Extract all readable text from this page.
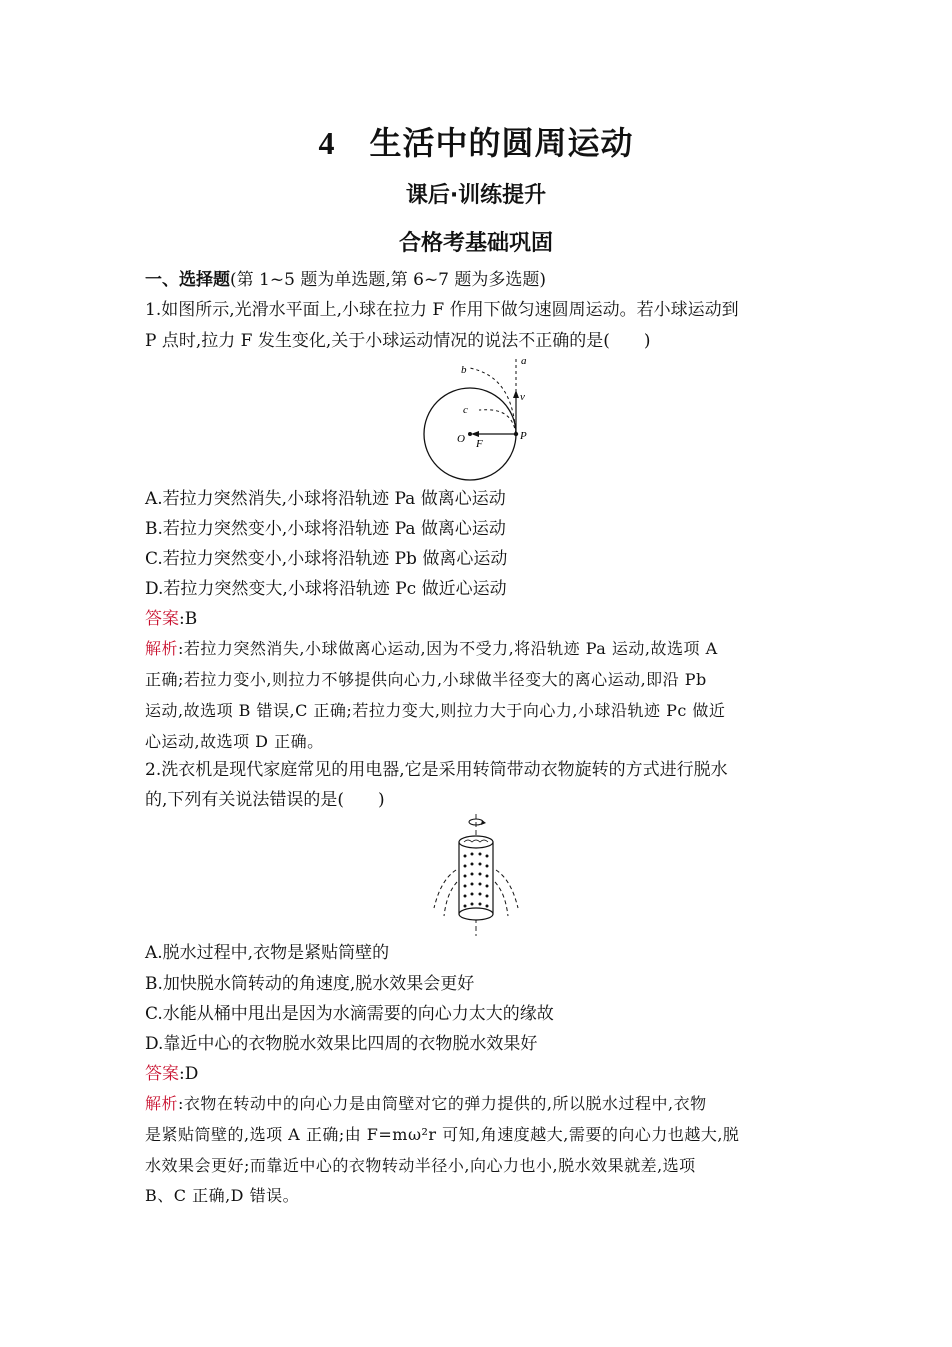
4 生活中的圆周运动
课后·训练提升
合格考基础巩固
一、选择题(第 1~5 题为单选题,第 6~7 题为多选题)
1.如图所示,光滑水平面上,小球在拉力 F 作用下做匀速圆周运动。若小球运动到
P 点时,拉力 F 发生变化,关于小球运动情况的说法不正确的是(　　)
a
b
c
v
O F
P
A.若拉力突然消失,小球将沿轨迹 Pa 做离心运动
B.若拉力突然变小,小球将沿轨迹 Pa 做离心运动
C.若拉力突然变小,小球将沿轨迹 Pb 做离心运动
D.若拉力突然变大,小球将沿轨迹 Pc 做近心运动
答案:B
解析:若拉力突然消失,小球做离心运动,因为不受力,将沿轨迹 Pa 运动,故选项 A
正确;若拉力变小,则拉力不够提供向心力,小球做半径变大的离心运动,即沿 Pb
运动,故选项 B 错误,C 正确;若拉力变大,则拉力大于向心力,小球沿轨迹 Pc 做近
心运动,故选项 D 正确。
2.洗衣机是现代家庭常见的用电器,它是采用转筒带动衣物旋转的方式进行脱水
的,下列有关说法错误的是(　　)
A.脱水过程中,衣物是紧贴筒壁的
B.加快脱水筒转动的角速度,脱水效果会更好
C.水能从桶中甩出是因为水滴需要的向心力太大的缘故
D.靠近中心的衣物脱水效果比四周的衣物脱水效果好
答案:D
解析:衣物在转动中的向心力是由筒壁对它的弹力提供的,所以脱水过程中,衣物
是紧贴筒壁的,选项 A 正确;由 F=mω²r 可知,角速度越大,需要的向心力也越大,脱
水效果会更好;而靠近中心的衣物转动半径小,向心力也小,脱水效果就差,选项
B、C 正确,D 错误。
